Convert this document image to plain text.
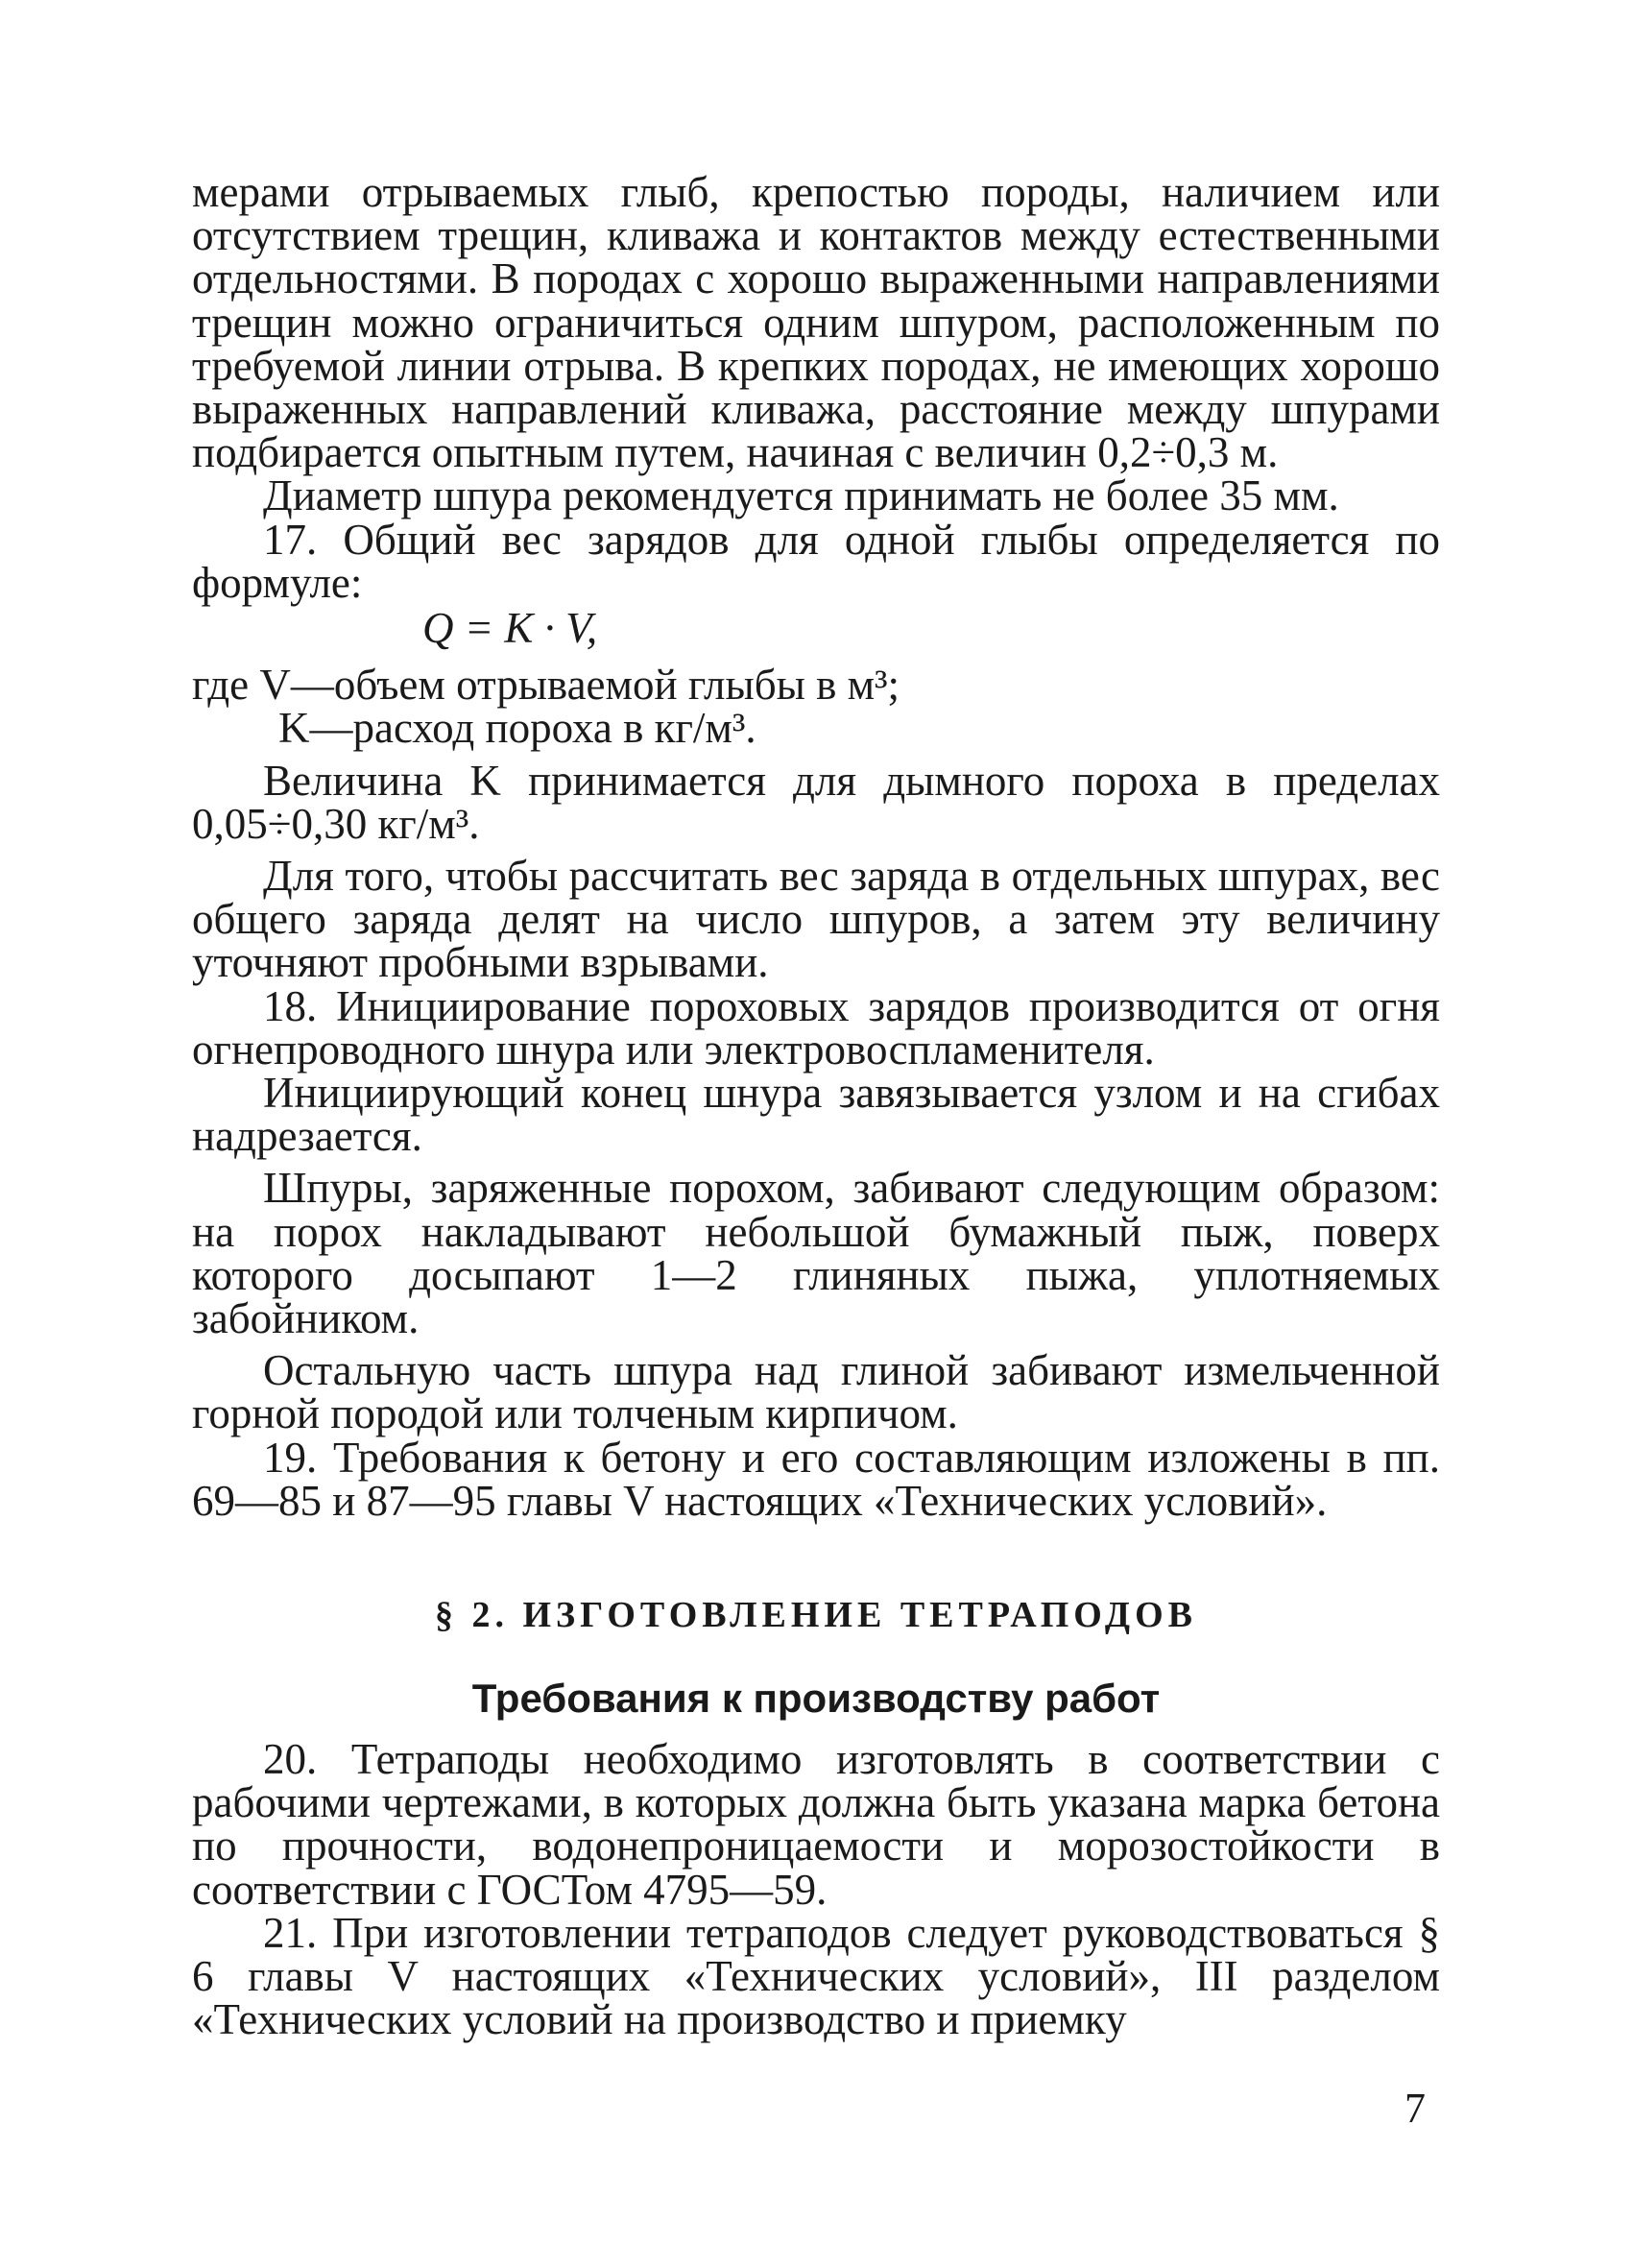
мерами отрываемых глыб, крепостью породы, наличием или отсутствием трещин, кливажа и контактов между естественными отдельностями. В породах с хорошо выраженными направлениями трещин можно ограничиться одним шпуром, расположенным по требуемой линии отрыва. В крепких породах, не имеющих хорошо выраженных направлений кливажа, расстояние между шпурами подбирается опытным путем, начиная с величин 0,2÷0,3 м.

Диаметр шпура рекомендуется принимать не более 35 мм.

17. Общий вес зарядов для одной глыбы определяется по формуле:

Q = K · V,

где V—объем отрываемой глыбы в м³;

K—расход пороха в кг/м³.

Величина K принимается для дымного пороха в пределах 0,05÷0,30 кг/м³.

Для того, чтобы рассчитать вес заряда в отдельных шпурах, вес общего заряда делят на число шпуров, а затем эту величину уточняют пробными взрывами.

18. Инициирование пороховых зарядов производится от огня огнепроводного шнура или электровоспламенителя.

Инициирующий конец шнура завязывается узлом и на сгибах надрезается.

Шпуры, заряженные порохом, забивают следующим образом: на порох накладывают небольшой бумажный пыж, поверх которого досыпают 1—2 глиняных пыжа, уплотняемых забойником.

Остальную часть шпура над глиной забивают измельченной горной породой или толченым кирпичом.

19. Требования к бетону и его составляющим изложены в пп. 69—85 и 87—95 главы V настоящих «Технических условий».

§ 2. ИЗГОТОВЛЕНИЕ ТЕТРАПОДОВ
Требования к производству работ

20. Тетраподы необходимо изготовлять в соответствии с рабочими чертежами, в которых должна быть указана марка бетона по прочности, водонепроницаемости и морозостойкости в соответствии с ГОСТом 4795—59.

21. При изготовлении тетраподов следует руководствоваться § 6 главы V настоящих «Технических условий», III разделом «Технических условий на производство и приемку

7
